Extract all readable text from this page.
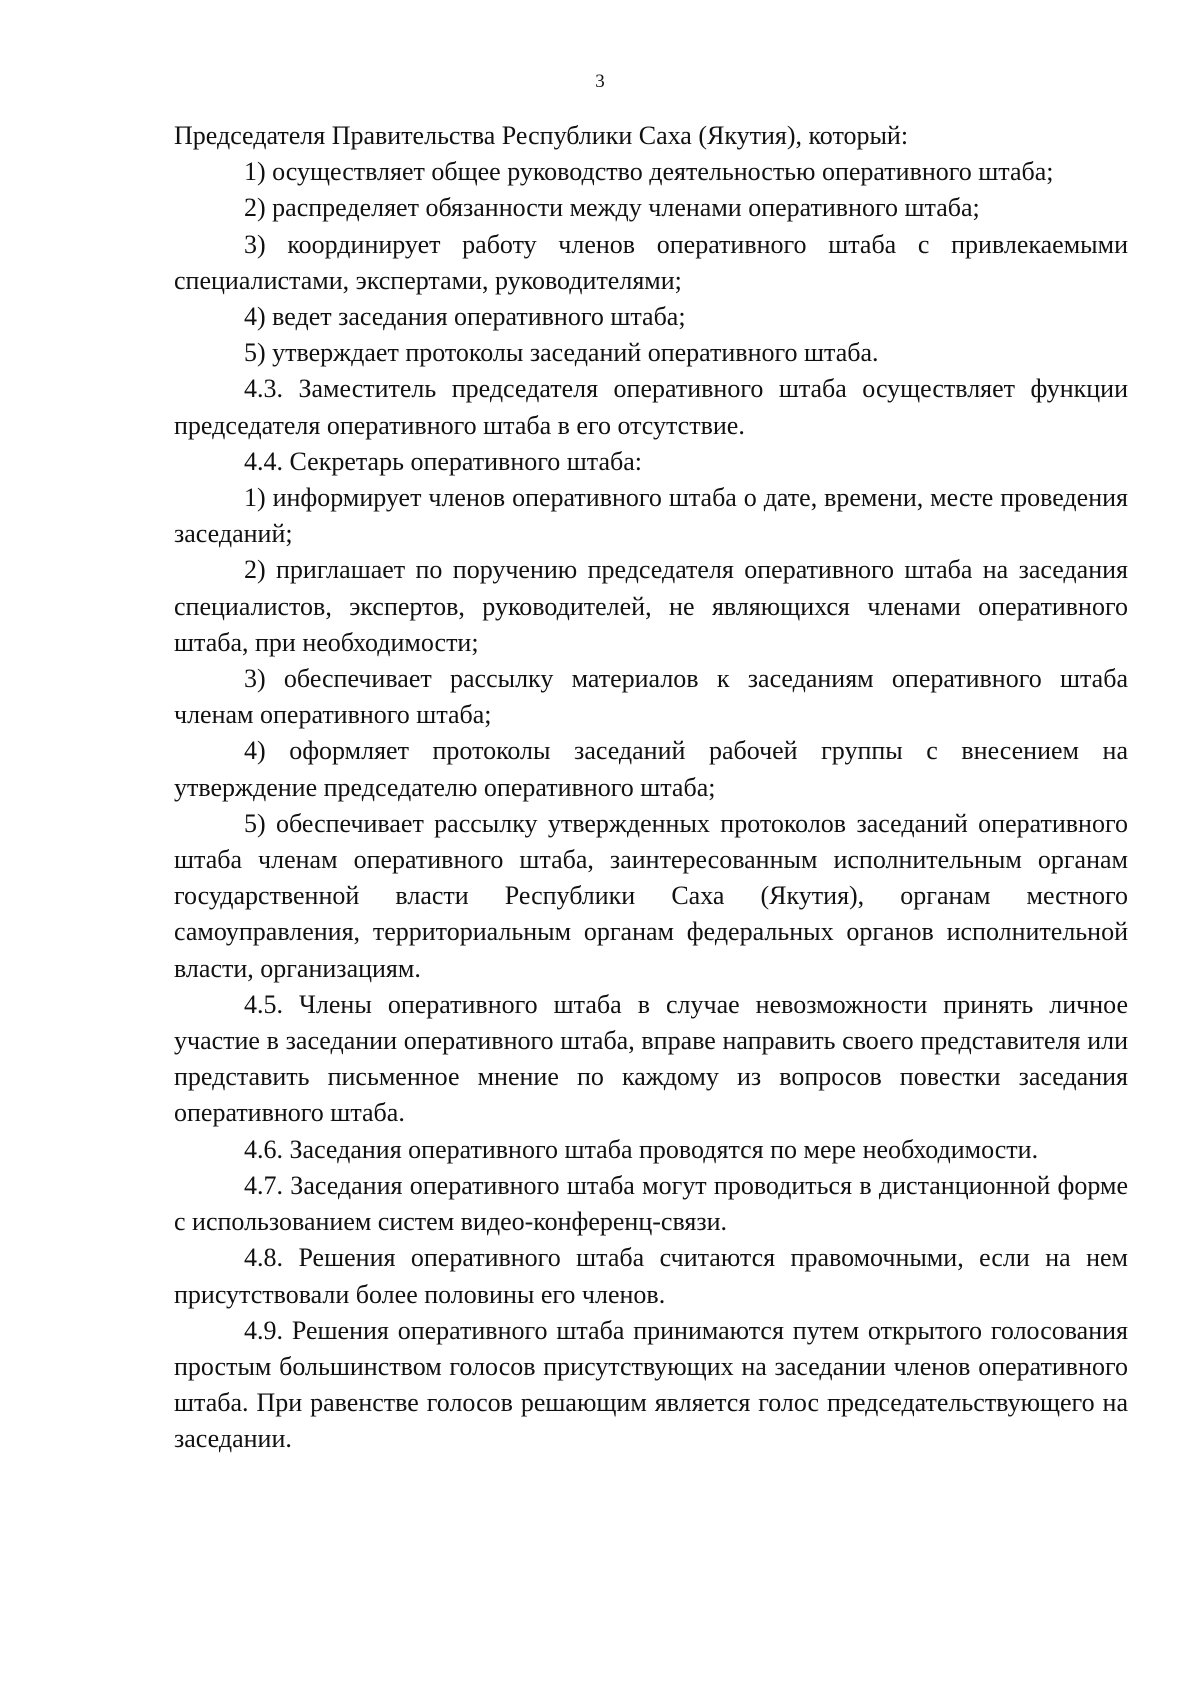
3

Председателя Правительства Республики Саха (Якутия), который:

1) осуществляет общее руководство деятельностью оперативного штаба;

2) распределяет обязанности между членами оперативного штаба;

3) координирует работу членов оперативного штаба с привлекаемыми специалистами, экспертами, руководителями;

4) ведет заседания оперативного штаба;

5) утверждает протоколы заседаний оперативного штаба.

4.3. Заместитель председателя оперативного штаба осуществляет функции председателя оперативного штаба в его отсутствие.

4.4. Секретарь оперативного штаба:

1) информирует членов оперативного штаба о дате, времени, месте проведения заседаний;

2) приглашает по поручению председателя оперативного штаба на заседания специалистов, экспертов, руководителей, не являющихся членами оперативного штаба, при необходимости;

3) обеспечивает рассылку материалов к заседаниям оперативного штаба членам оперативного штаба;

4) оформляет протоколы заседаний рабочей группы с внесением на утверждение председателю оперативного штаба;

5) обеспечивает рассылку утвержденных протоколов заседаний оперативного штаба членам оперативного штаба, заинтересованным исполнительным органам государственной власти Республики Саха (Якутия), органам местного самоуправления, территориальным органам федеральных органов исполнительной власти, организациям.

4.5. Члены оперативного штаба в случае невозможности принять личное участие в заседании оперативного штаба, вправе направить своего представителя или представить письменное мнение по каждому из вопросов повестки заседания оперативного штаба.

4.6. Заседания оперативного штаба проводятся по мере необходимости.

4.7. Заседания оперативного штаба могут проводиться в дистанционной форме с использованием систем видео-конференц-связи.

4.8. Решения оперативного штаба считаются правомочными, если на нем присутствовали более половины его членов.

4.9. Решения оперативного штаба принимаются путем открытого голосования простым большинством голосов присутствующих на заседании членов оперативного штаба. При равенстве голосов решающим является голос председательствующего на заседании.
